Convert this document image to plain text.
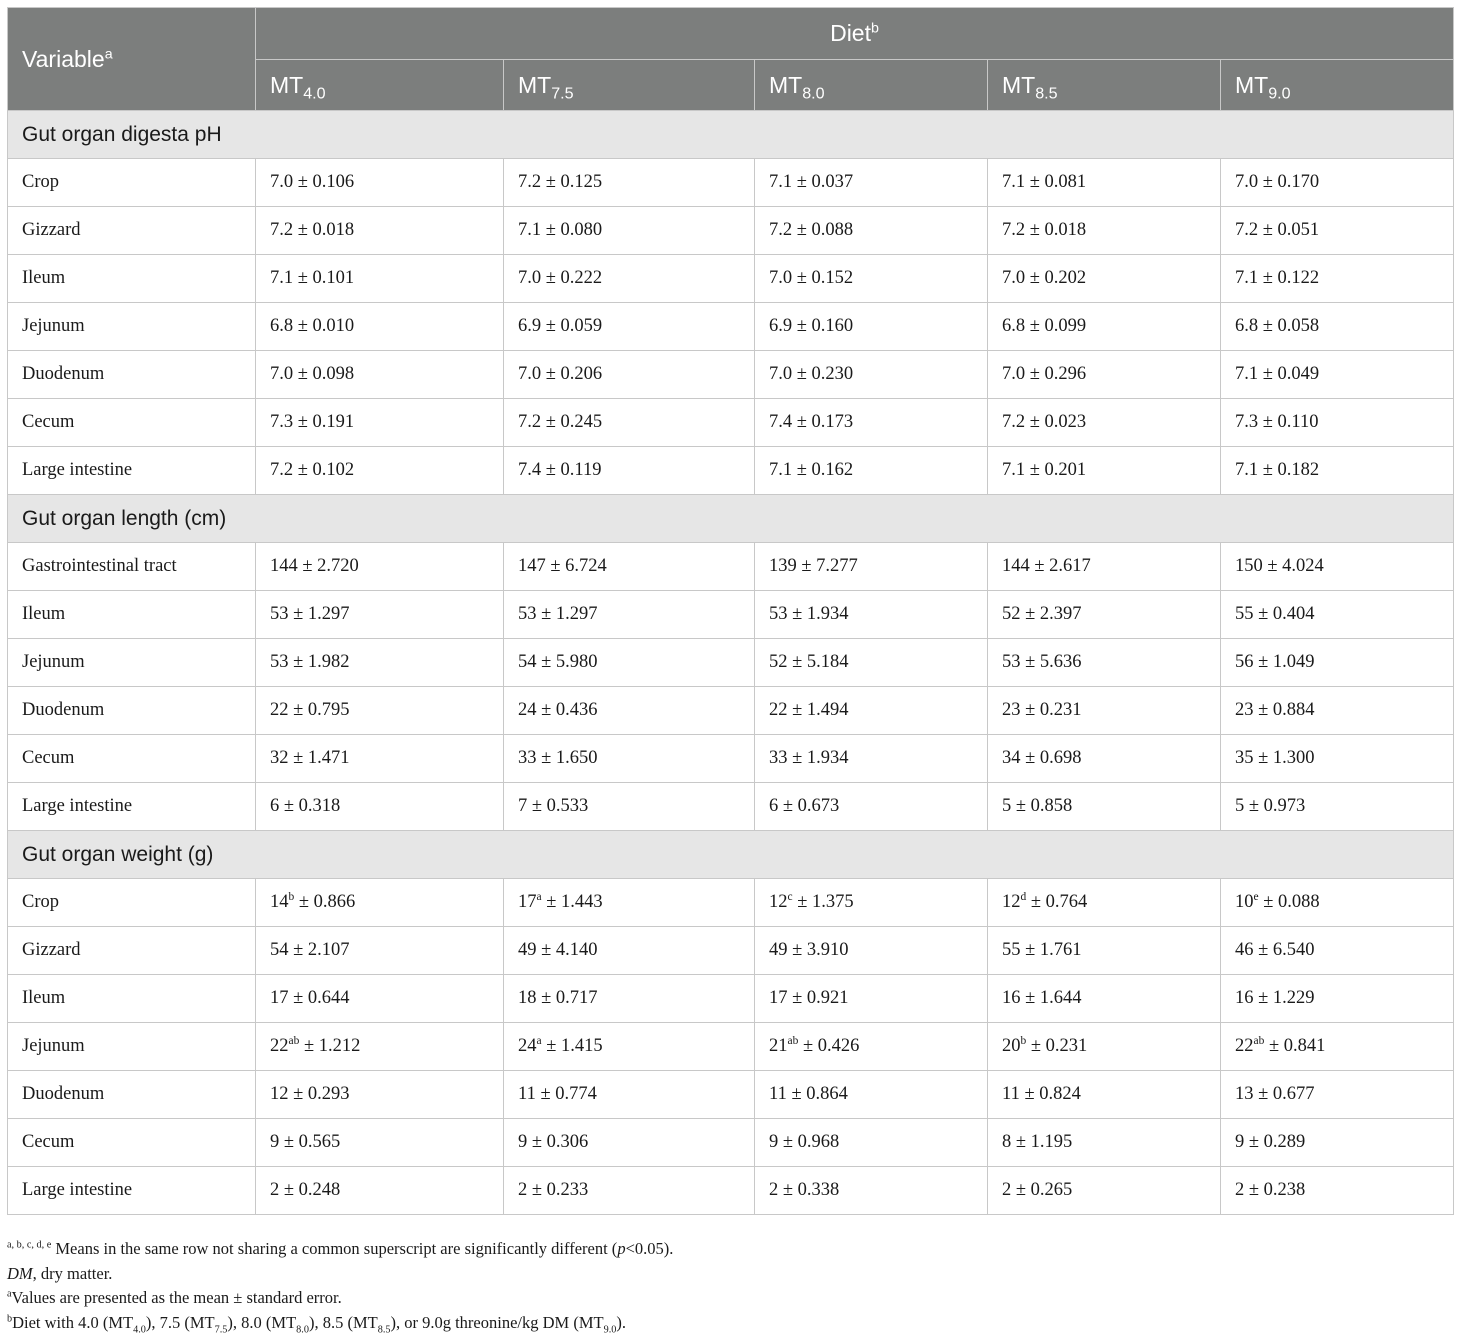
Variable$^a$	Diet$^b$
	$MT_{4.0}$	$MT_{7.5}$	$MT_{8.0}$	$MT_{8.5}$	$MT_{9.0}$
Gut organ digesta pH					
Crop	7.0 ± 0.106	7.2 ± 0.125	7.1 ± 0.037	7.1 ± 0.081	7.0 ± 0.170
Gizzard	7.2 ± 0.018	7.1 ± 0.080	7.2 ± 0.088	7.2 ± 0.018	7.2 ± 0.051
Ileum	7.1 ± 0.101	7.0 ± 0.222	7.0 ± 0.152	7.0 ± 0.202	7.1 ± 0.122
Jejunum	6.8 ± 0.010	6.9 ± 0.059	6.9 ± 0.160	6.8 ± 0.099	6.8 ± 0.058
Duodenum	7.0 ± 0.098	7.0 ± 0.206	7.0 ± 0.230	7.0 ± 0.296	7.1 ± 0.049
Cecum	7.3 ± 0.191	7.2 ± 0.245	7.4 ± 0.173	7.2 ± 0.023	7.3 ± 0.110
Large intestine	7.2 ± 0.102	7.4 ± 0.119	7.1 ± 0.162	7.1 ± 0.201	7.1 ± 0.182
Gut organ length (cm)					
Gastrointestinal tract	144 ± 2.720	147 ± 6.724	139 ± 7.277	144 ± 2.617	150 ± 4.024
Ileum	53 ± 1.297	53 ± 1.297	53 ± 1.934	52 ± 2.397	55 ± 0.404
Jejunum	53 ± 1.982	54 ± 5.980	52 ± 5.184	53 ± 5.636	56 ± 1.049
Duodenum	22 ± 0.795	24 ± 0.436	22 ± 1.494	23 ± 0.231	23 ± 0.884
Cecum	32 ± 1.471	33 ± 1.650	33 ± 1.934	34 ± 0.698	35 ± 1.300
Large intestine	6 ± 0.318	7 ± 0.533	6 ± 0.673	5 ± 0.858	5 ± 0.973
Gut organ weight (g)					
Crop	$14^b \pm 0.866$	$17^a \pm 1.443$	$12^c \pm 1.375$	$12^d \pm 0.764$	$10^e \pm 0.088$
Gizzard	54 ± 2.107	49 ± 4.140	49 ± 3.910	55 ± 1.761	46 ± 6.540
Ileum	17 ± 0.644	18 ± 0.717	17 ± 0.921	16 ± 1.644	16 ± 1.229
Jejunum	$22^{ab} \pm 1.212$	$24^a \pm 1.415$	$21^{ab} \pm 0.426$	$20^b \pm 0.231$	$22^{ab} \pm 0.841$
Duodenum	12 ± 0.293	11 ± 0.774	11 ± 0.864	11 ± 0.824	13 ± 0.677
Cecum	9 ± 0.565	9 ± 0.306	9 ± 0.968	8 ± 1.195	9 ± 0.289
Large intestine	2 ± 0.248	2 ± 0.233	2 ± 0.338	2 ± 0.265	2 ± 0.238
$^{a, b, c, d, e}$ Means in the same row not sharing a common superscript are significantly different (p<0.05).
DM, dry matter.
$^a$Values are presented as the mean ± standard error.
$^b$Diet with 4.0 $(MT_{4.0})$, 7.5 $(MT_{7.5})$, 8.0 $(MT_{8.0})$, 8.5 $(MT_{8.5})$, or 9.0g threonine/kg DM $(MT_{9.0})$.
